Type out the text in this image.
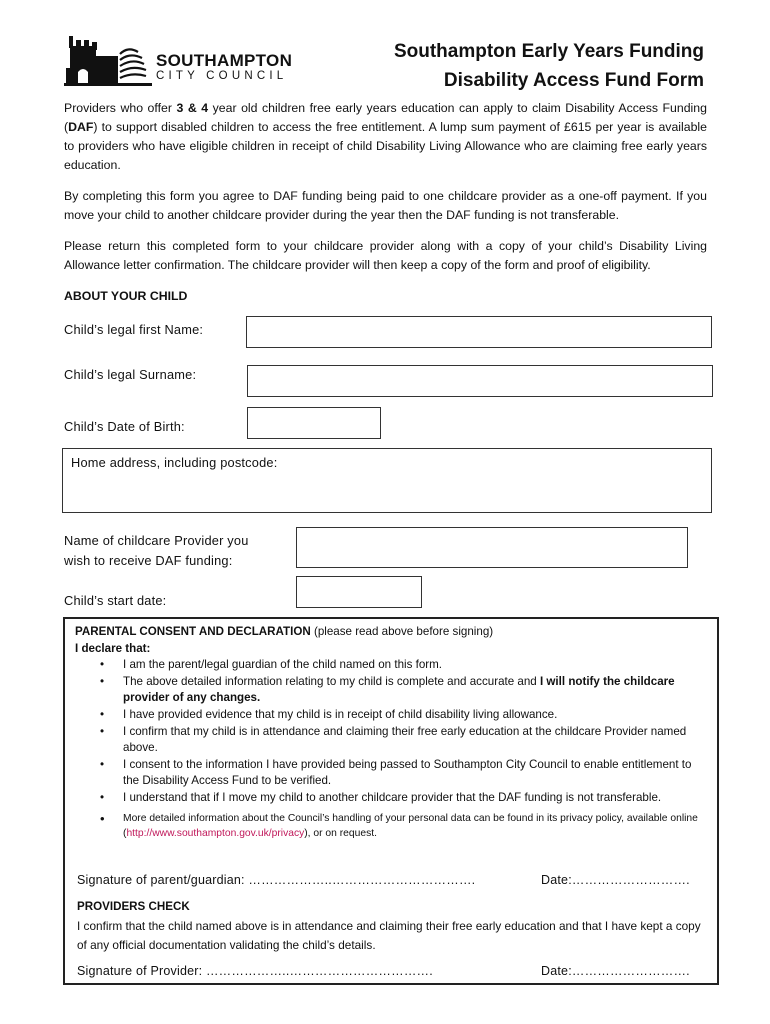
SOUTHAMPTON
CITY COUNCIL
Southampton Early Years Funding
Disability Access Fund Form
Providers who offer 3 & 4 year old children free early years education can apply to claim Disability Access Funding (DAF) to support disabled children to access the free entitlement. A lump sum payment of £615 per year is available to providers who have eligible children in receipt of child Disability Living Allowance who are claiming free early years education.
By completing this form you agree to DAF funding being paid to one childcare provider as a one-off payment. If you move your child to another childcare provider during the year then the DAF funding is not transferable.
Please return this completed form to your childcare provider along with a copy of your child’s Disability Living Allowance letter confirmation. The childcare provider will then keep a copy of the form and proof of eligibility.
ABOUT YOUR CHILD
Child’s legal first Name:
Child’s legal Surname:
Child’s Date of Birth:
Home address, including postcode:
Name of childcare Provider you
wish to receive DAF funding:
Child’s start date:
PARENTAL CONSENT AND DECLARATION (please read above before signing)
I declare that:
• I am the parent/legal guardian of the child named on this form.
• The above detailed information relating to my child is complete and accurate and I will notify the childcare provider of any changes.
• I have provided evidence that my child is in receipt of child disability living allowance.
• I confirm that my child is in attendance and claiming their free early education at the childcare Provider named above.
• I consent to the information I have provided being passed to Southampton City Council to enable entitlement to the Disability Access Fund to be verified.
• I understand that if I move my child to another childcare provider that the DAF funding is not transferable.
• More detailed information about the Council’s handling of your personal data can be found in its privacy policy, available online (http://www.southampton.gov.uk/privacy), or on request.
Signature of parent/guardian: ………………..…………………………….	Date:……………………….
PROVIDERS CHECK
I confirm that the child named above is in attendance and claiming their free early education and that I have kept a copy of any official documentation validating the child’s details.
Signature of Provider: ………………..…………………………….	Date:……………………….
